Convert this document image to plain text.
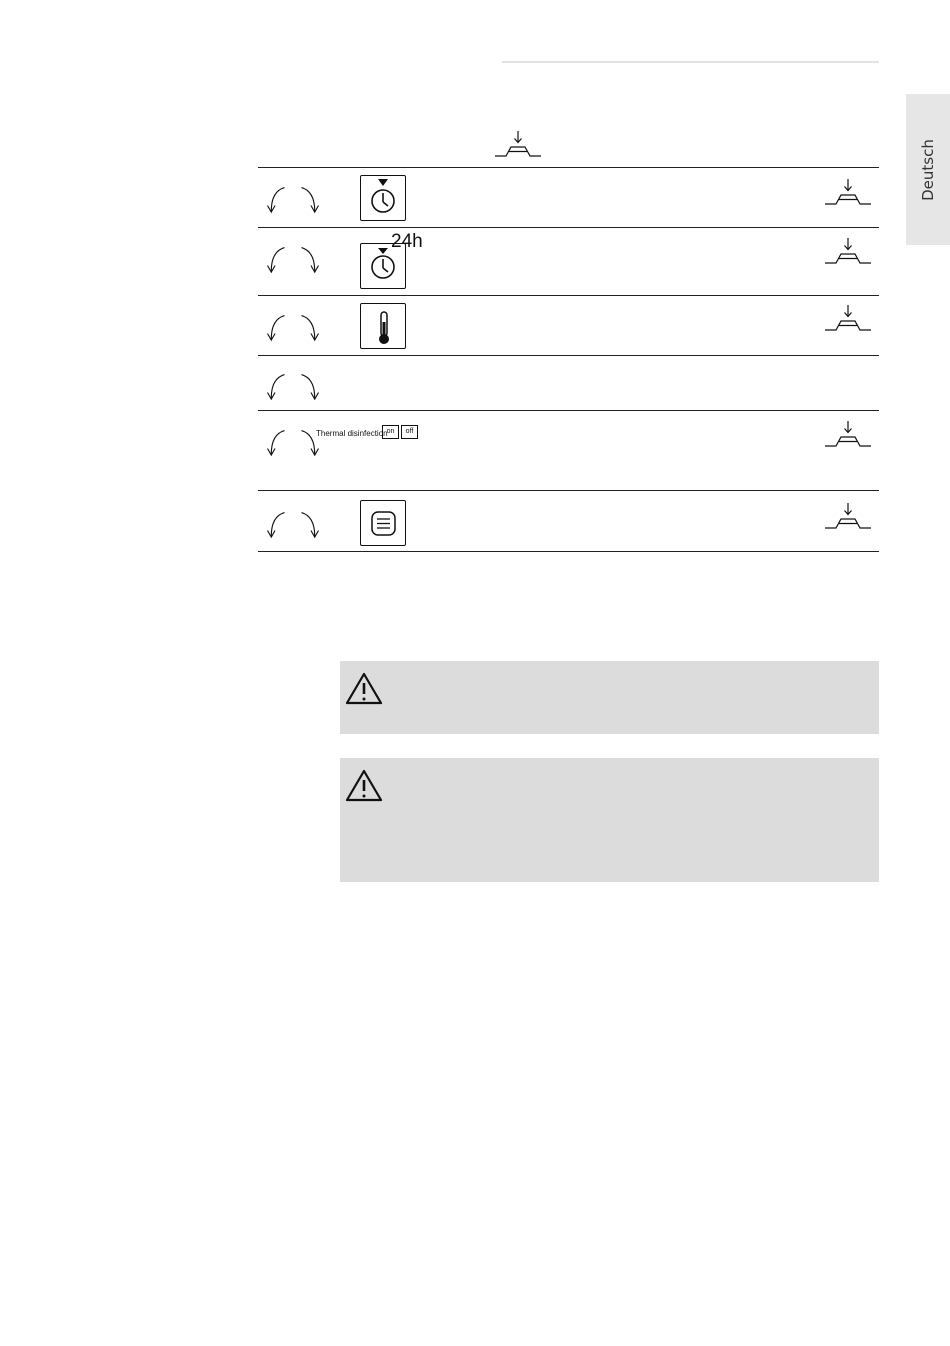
Deutsch
24h
Thermal disinfection on	off
